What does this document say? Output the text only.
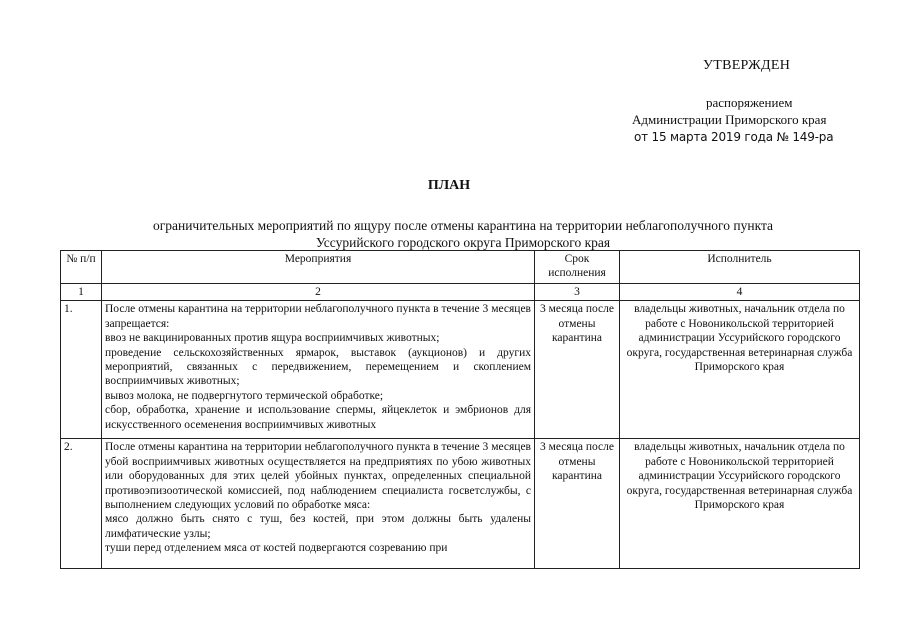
УТВЕРЖДЕН
распоряжением
Администрации Приморского края
от 15 марта 2019 года № 149-ра
ПЛАН
ограничительных мероприятий по ящуру после отмены карантина на территории неблагополучного пункта
Уссурийского городского округа Приморского края
№ п/п	Мероприятия	Срок исполнения	Исполнитель
1	2	3	4
1.	После отмены карантина на территории неблагополучного пункта в течение 3 месяцев запрещается:

ввоз не вакцинированных против ящура восприимчивых животных;

проведение сельскохозяйственных ярмарок, выставок (аукционов) и других мероприятий, связанных с передвижением, перемещением и скоплением восприимчивых животных;

вывоз молока, не подвергнутого термической обработке;

сбор, обработка, хранение и использование спермы, яйцеклеток и эмбрионов для искусственного осеменения восприимчивых животных	3 месяца после отмены карантина	владельцы животных, начальник отдела по работе с Новоникольской территорией администрации Уссурийского городского округа, государственная ветеринарная служба Приморского края

2.	После отмены карантина на территории неблагополучного пункта в течение 3 месяцев убой восприимчивых животных осуществляется на предприятиях по убою животных или оборудованных для этих целей убойных пунктах, определенных специальной противоэпизоотической комиссией, под наблюдением специалиста госветслужбы, с выполнением следующих условий по обработке мяса:

мясо должно быть снято с туш, без костей, при этом должны быть удалены лимфатические узлы;

туши перед отделением мяса от костей подвергаются созреванию при	3 месяца после отмены карантина	владельцы животных, начальник отдела по работе с Новоникольской территорией администрации Уссурийского городского округа, государственная ветеринарная служба Приморского края
